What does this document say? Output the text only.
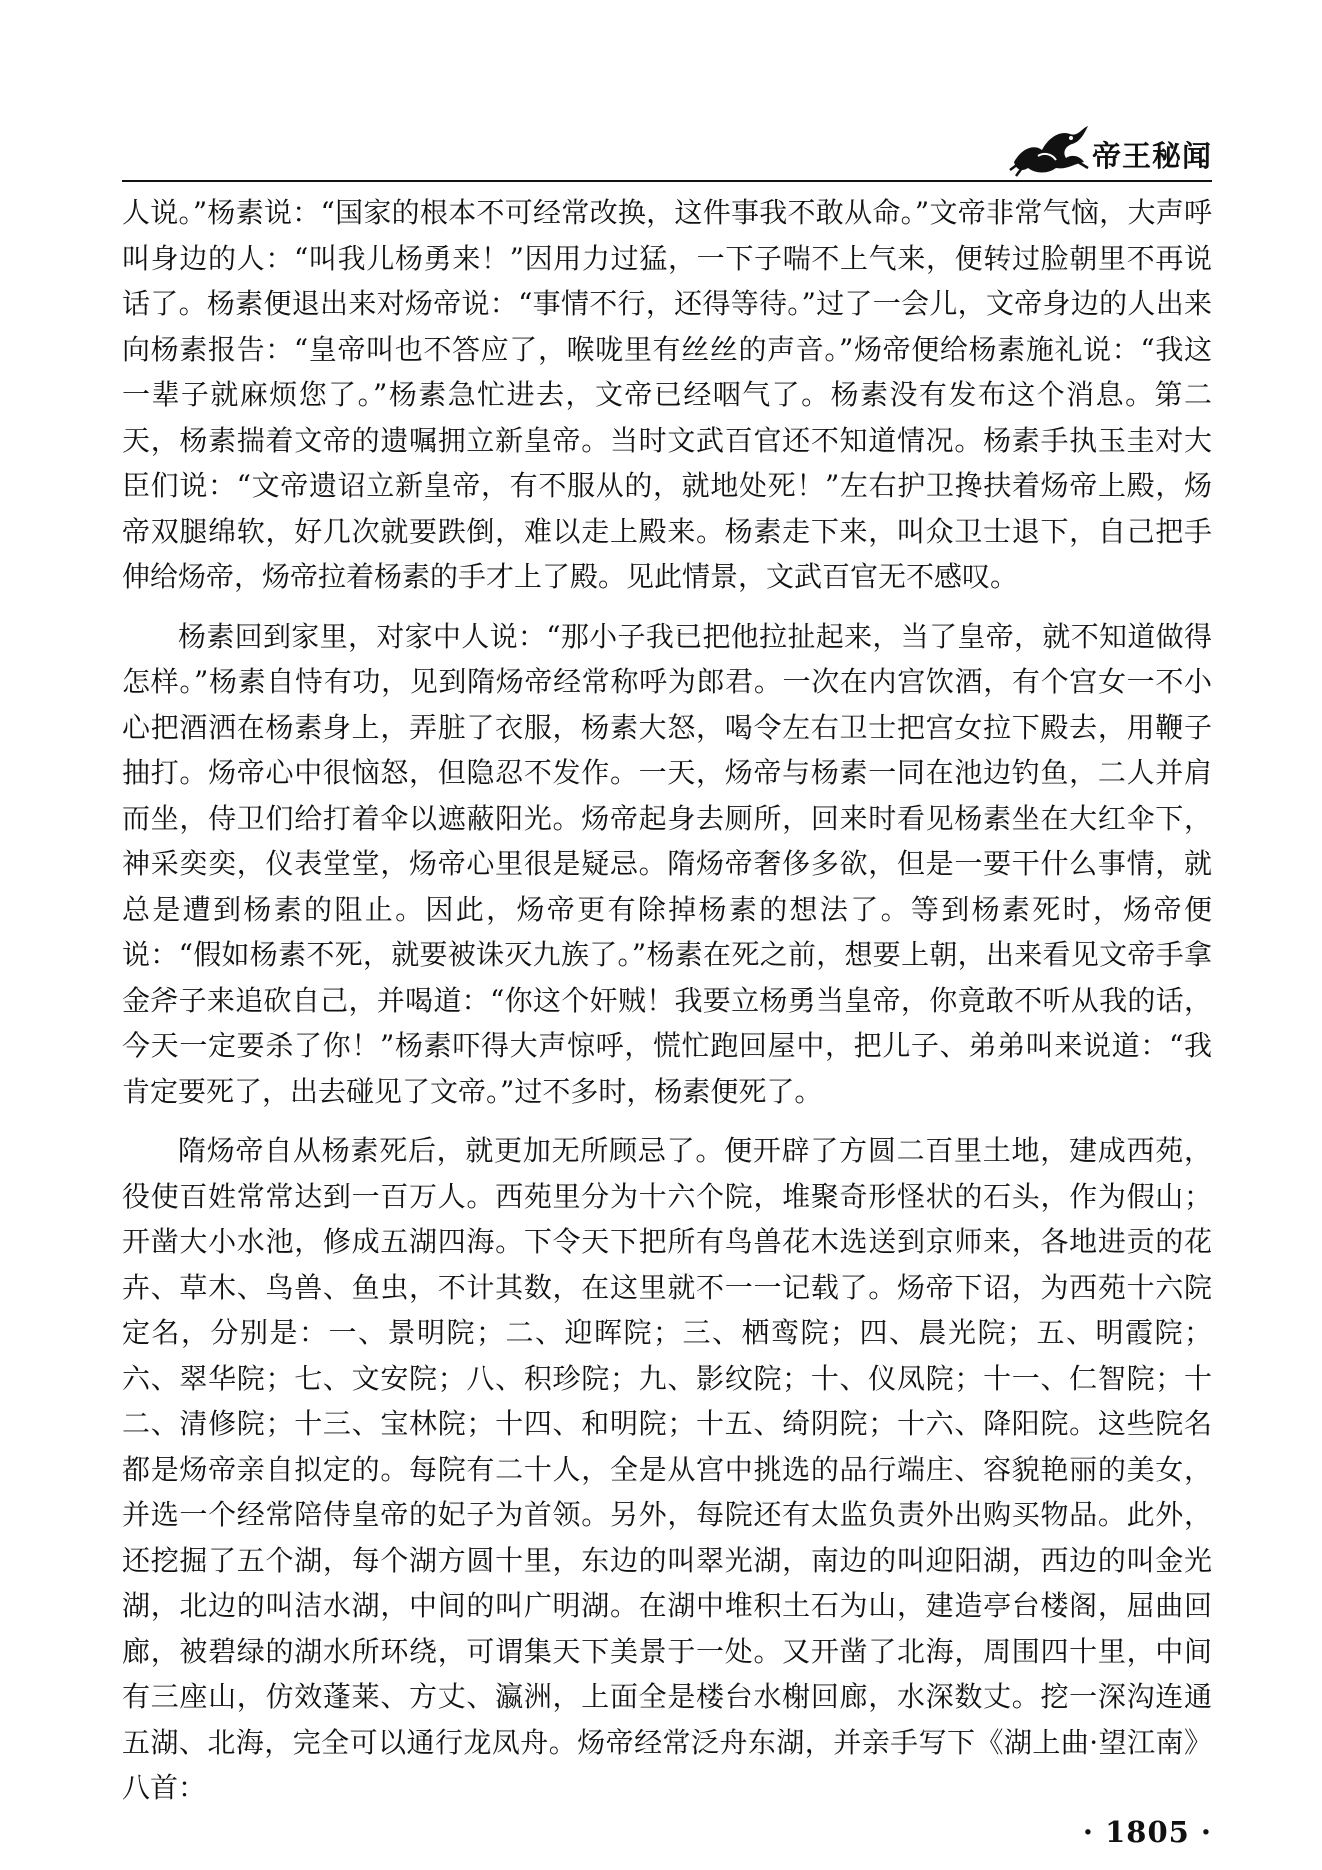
帝王秘闻

人说。”杨素说：“国家的根本不可经常改换，这件事我不敢从命。”文帝非常气恼，大声呼叫身边的人：“叫我儿杨勇来！”因用力过猛，一下子喘不上气来，便转过脸朝里不再说话了。杨素便退出来对炀帝说：“事情不行，还得等待。”过了一会儿，文帝身边的人出来向杨素报告：“皇帝叫也不答应了，喉咙里有丝丝的声音。”炀帝便给杨素施礼说：“我这一辈子就麻烦您了。”杨素急忙进去，文帝已经咽气了。杨素没有发布这个消息。第二天，杨素揣着文帝的遗嘱拥立新皇帝。当时文武百官还不知道情况。杨素手执玉圭对大臣们说：“文帝遗诏立新皇帝，有不服从的，就地处死！”左右护卫搀扶着炀帝上殿，炀帝双腿绵软，好几次就要跌倒，难以走上殿来。杨素走下来，叫众卫士退下，自己把手伸给炀帝，炀帝拉着杨素的手才上了殿。见此情景，文武百官无不感叹。

杨素回到家里，对家中人说：“那小子我已把他拉扯起来，当了皇帝，就不知道做得怎样。”杨素自恃有功，见到隋炀帝经常称呼为郎君。一次在内宫饮酒，有个宫女一不小心把酒洒在杨素身上，弄脏了衣服，杨素大怒，喝令左右卫士把宫女拉下殿去，用鞭子抽打。炀帝心中很恼怒，但隐忍不发作。一天，炀帝与杨素一同在池边钓鱼，二人并肩而坐，侍卫们给打着伞以遮蔽阳光。炀帝起身去厕所，回来时看见杨素坐在大红伞下，神采奕奕，仪表堂堂，炀帝心里很是疑忌。隋炀帝奢侈多欲，但是一要干什么事情，就总是遭到杨素的阻止。因此，炀帝更有除掉杨素的想法了。等到杨素死时，炀帝便说：“假如杨素不死，就要被诛灭九族了。”杨素在死之前，想要上朝，出来看见文帝手拿金斧子来追砍自己，并喝道：“你这个奸贼！我要立杨勇当皇帝，你竟敢不听从我的话，今天一定要杀了你！”杨素吓得大声惊呼，慌忙跑回屋中，把儿子、弟弟叫来说道：“我肯定要死了，出去碰见了文帝。”过不多时，杨素便死了。

隋炀帝自从杨素死后，就更加无所顾忌了。便开辟了方圆二百里土地，建成西苑，役使百姓常常达到一百万人。西苑里分为十六个院，堆聚奇形怪状的石头，作为假山；开凿大小水池，修成五湖四海。下令天下把所有鸟兽花木选送到京师来，各地进贡的花卉、草木、鸟兽、鱼虫，不计其数，在这里就不一一记载了。炀帝下诏，为西苑十六院定名，分别是：一、景明院；二、迎晖院；三、栖鸾院；四、晨光院；五、明霞院；六、翠华院；七、文安院；八、积珍院；九、影纹院；十、仪凤院；十一、仁智院；十二、清修院；十三、宝林院；十四、和明院；十五、绮阴院；十六、降阳院。这些院名都是炀帝亲自拟定的。每院有二十人，全是从宫中挑选的品行端庄、容貌艳丽的美女，并选一个经常陪侍皇帝的妃子为首领。另外，每院还有太监负责外出购买物品。此外，还挖掘了五个湖，每个湖方圆十里，东边的叫翠光湖，南边的叫迎阳湖，西边的叫金光湖，北边的叫洁水湖，中间的叫广明湖。在湖中堆积土石为山，建造亭台楼阁，屈曲回廊，被碧绿的湖水所环绕，可谓集天下美景于一处。又开凿了北海，周围四十里，中间有三座山，仿效蓬莱、方丈、瀛洲，上面全是楼台水榭回廊，水深数丈。挖一深沟连通五湖、北海，完全可以通行龙凤舟。炀帝经常泛舟东湖，并亲手写下《湖上曲·望江南》八首：

· 1805 ·
